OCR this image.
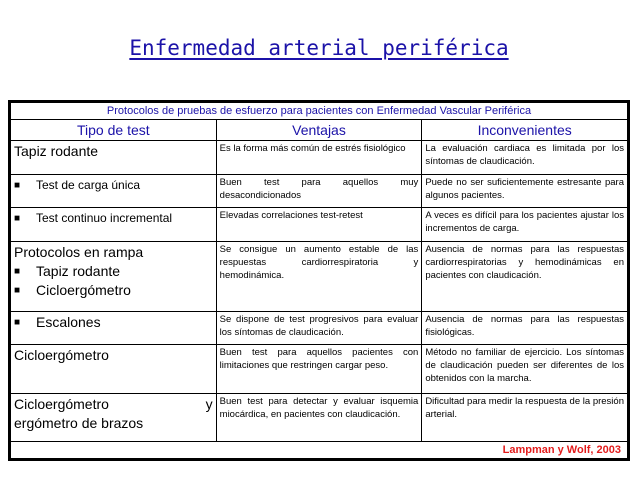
Enfermedad arterial periférica
Protocolos de pruebas de esfuerzo para pacientes con Enfermedad Vascular Periférica		
Tipo de test	Ventajas	Inconvenientes
Tapiz rodante	Es la forma más común de estrés fisiológico	La evaluación cardiaca es limitada por los síntomas de claudicación.

■ Test de carga única	Buen test para aquellos muy desacondicionados	Puede no ser suficientemente estresante para algunos pacientes.

■ Test continuo incremental	Elevadas correlaciones test-retest	A veces es difícil para los pacientes ajustar los incrementos de carga.

Protocolos en rampa
■ Tapiz rodante
■ Cicloergómetro	Se consigue un aumento estable de las respuestas cardiorrespiratoria y hemodinámica.	Ausencia de normas para las respuestas cardiorrespiratorias y hemodinámicas en pacientes con claudicación.

■ Escalones	Se dispone de test progresivos para evaluar los síntomas de claudicación.	Ausencia de normas para las respuestas fisiológicas.
Cicloergómetro	Buen test para aquellos pacientes con limitaciones que restringen cargar peso.	Método no familiar de ejercicio. Los síntomas de claudicación pueden ser diferentes de los obtenidos con la marcha.

Cicloergómetro y
ergómetro de brazos	Buen test para detectar y evaluar isquemia miocárdica, en pacientes con claudicación.	Dificultad para medir la respuesta de la presión arterial.
Lampman y Wolf, 2003		
